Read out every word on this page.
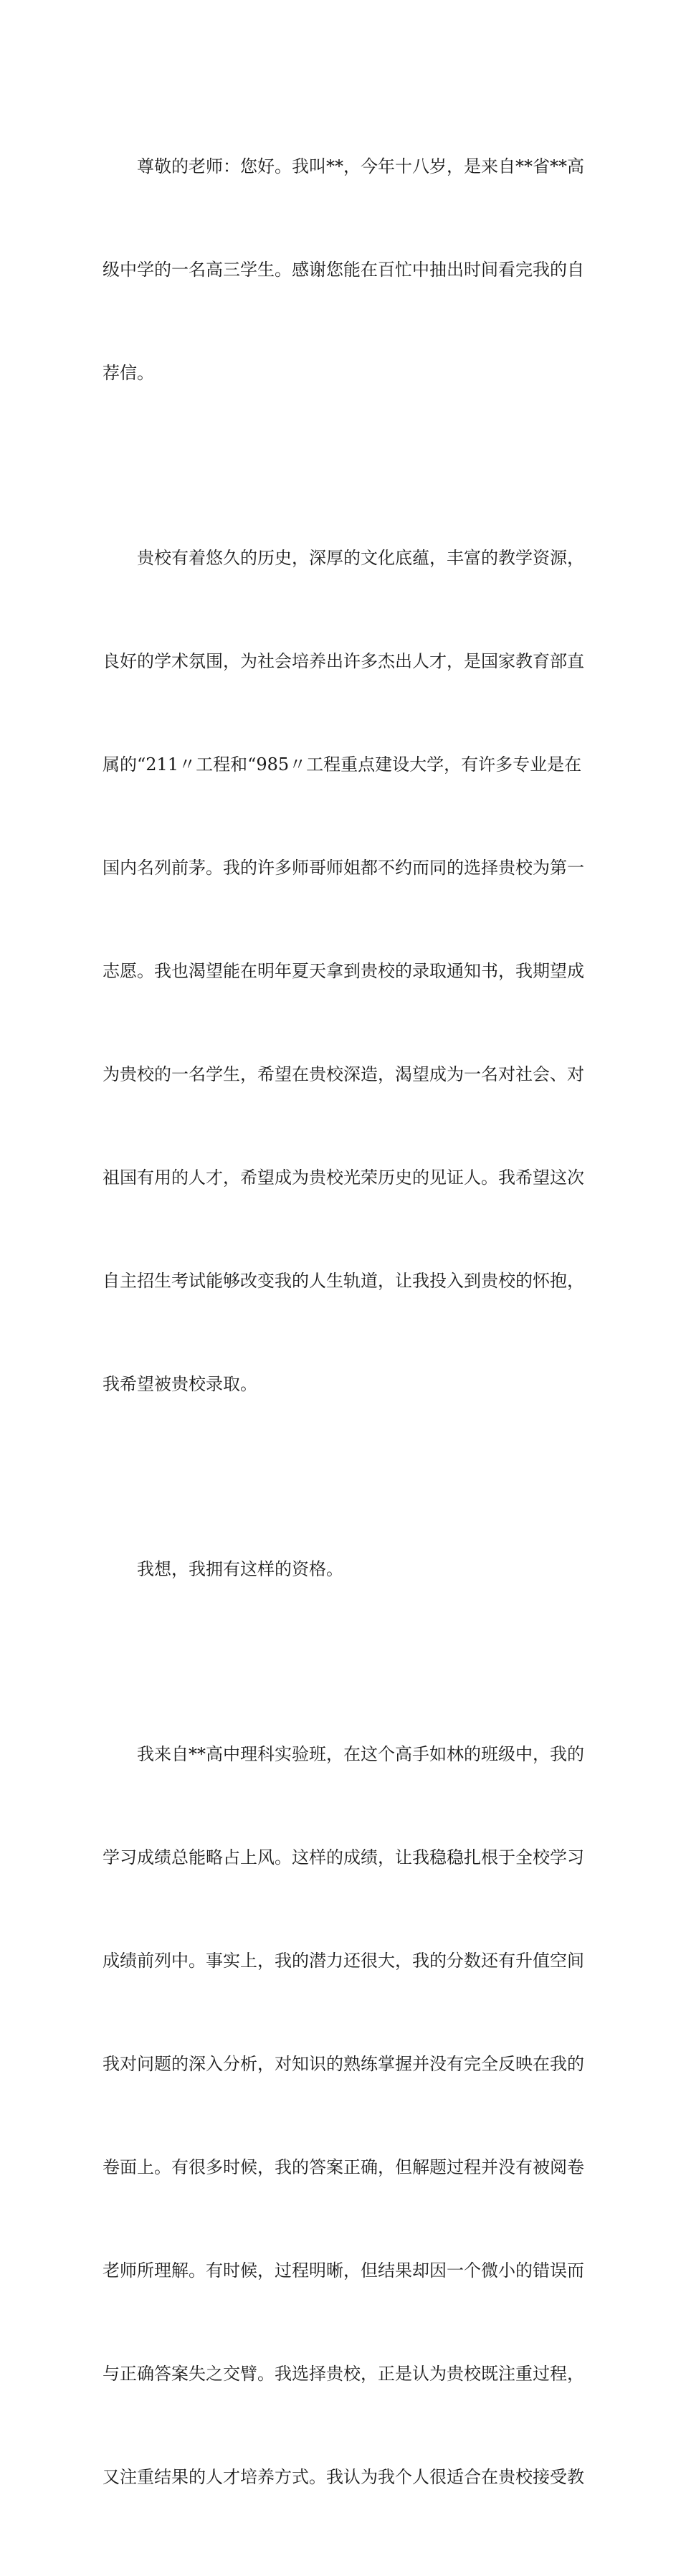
尊敬的老师：您好。我叫**，今年十八岁，是来自**省**高

级中学的一名高三学生。感谢您能在百忙中抽出时间看完我的自

荐信。

贵校有着悠久的历史，深厚的文化底蕴，丰富的教学资源，

良好的学术氛围，为社会培养出许多杰出人才，是国家教育部直

属的“211〃工程和“985〃工程重点建设大学，有许多专业是在

国内名列前茅。我的许多师哥师姐都不约而同的选择贵校为第一

志愿。我也渴望能在明年夏天拿到贵校的录取通知书，我期望成

为贵校的一名学生，希望在贵校深造，渴望成为一名对社会、对

祖国有用的人才，希望成为贵校光荣历史的见证人。我希望这次

自主招生考试能够改变我的人生轨道，让我投入到贵校的怀抱，

我希望被贵校录取。

我想，我拥有这样的资格。

我来自**高中理科实验班，在这个高手如林的班级中，我的

学习成绩总能略占上风。这样的成绩，让我稳稳扎根于全校学习

成绩前列中。事实上，我的潜力还很大，我的分数还有升值空间

我对问题的深入分析，对知识的熟练掌握并没有完全反映在我的

卷面上。有很多时候，我的答案正确，但解题过程并没有被阅卷

老师所理解。有时候，过程明晰，但结果却因一个微小的错误而

与正确答案失之交臂。我选择贵校，正是认为贵校既注重过程，

又注重结果的人才培养方式。我认为我个人很适合在贵校接受教
